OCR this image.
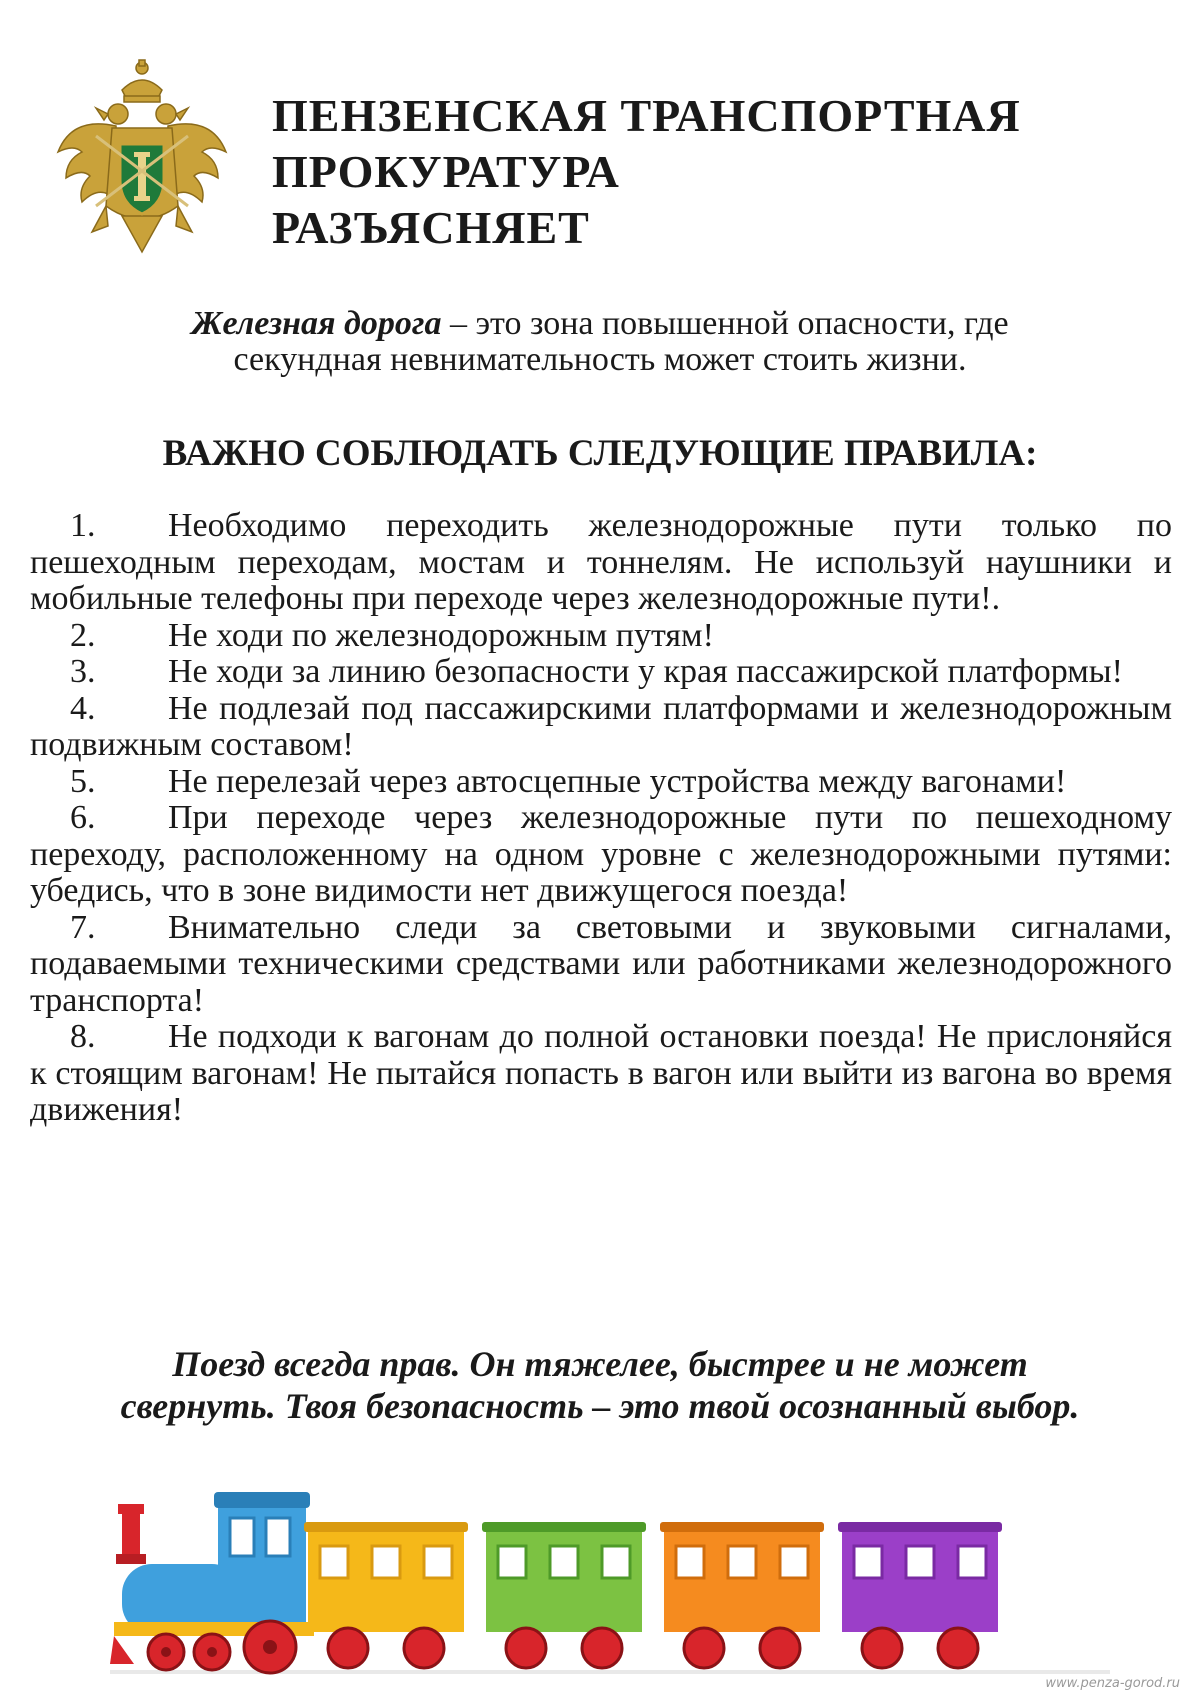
ПЕНЗЕНСКАЯ ТРАНСПОРТНАЯ
ПРОКУРАТУРА
РАЗЪЯСНЯЕТ
Железная дорога – это зона повышенной опасности, где
секундная невнимательность может стоить жизни.
ВАЖНО СОБЛЮДАТЬ СЛЕДУЮЩИЕ ПРАВИЛА:

1. Необходимо переходить железнодорожные пути только по пешеходным переходам, мостам и тоннелям. Не используй наушники и мобильные телефоны при переходе через железнодорожные пути!.

2. Не ходи по железнодорожным путям!

3. Не ходи за линию безопасности у края пассажирской платформы!

4. Не подлезай под пассажирскими платформами и железнодорожным подвижным составом!

5. Не перелезай через автосцепные устройства между вагонами!

6. При переходе через железнодорожные пути по пешеходному переходу, расположенному на одном уровне с железнодорожными путями: убедись, что в зоне видимости нет движущегося поезда!

7. Внимательно следи за световыми и звуковыми сигналами, подаваемыми техническими средствами или работниками железнодорожного транспорта!

8. Не подходи к вагонам до полной остановки поезда! Не прислоняйся к стоящим вагонам! Не пытайся попасть в вагон или выйти из вагона во время движения!

Поезд всегда прав. Он тяжелее, быстрее и не может
свернуть. Твоя безопасность – это твой осознанный выбор.
www.penza-gorod.ru
